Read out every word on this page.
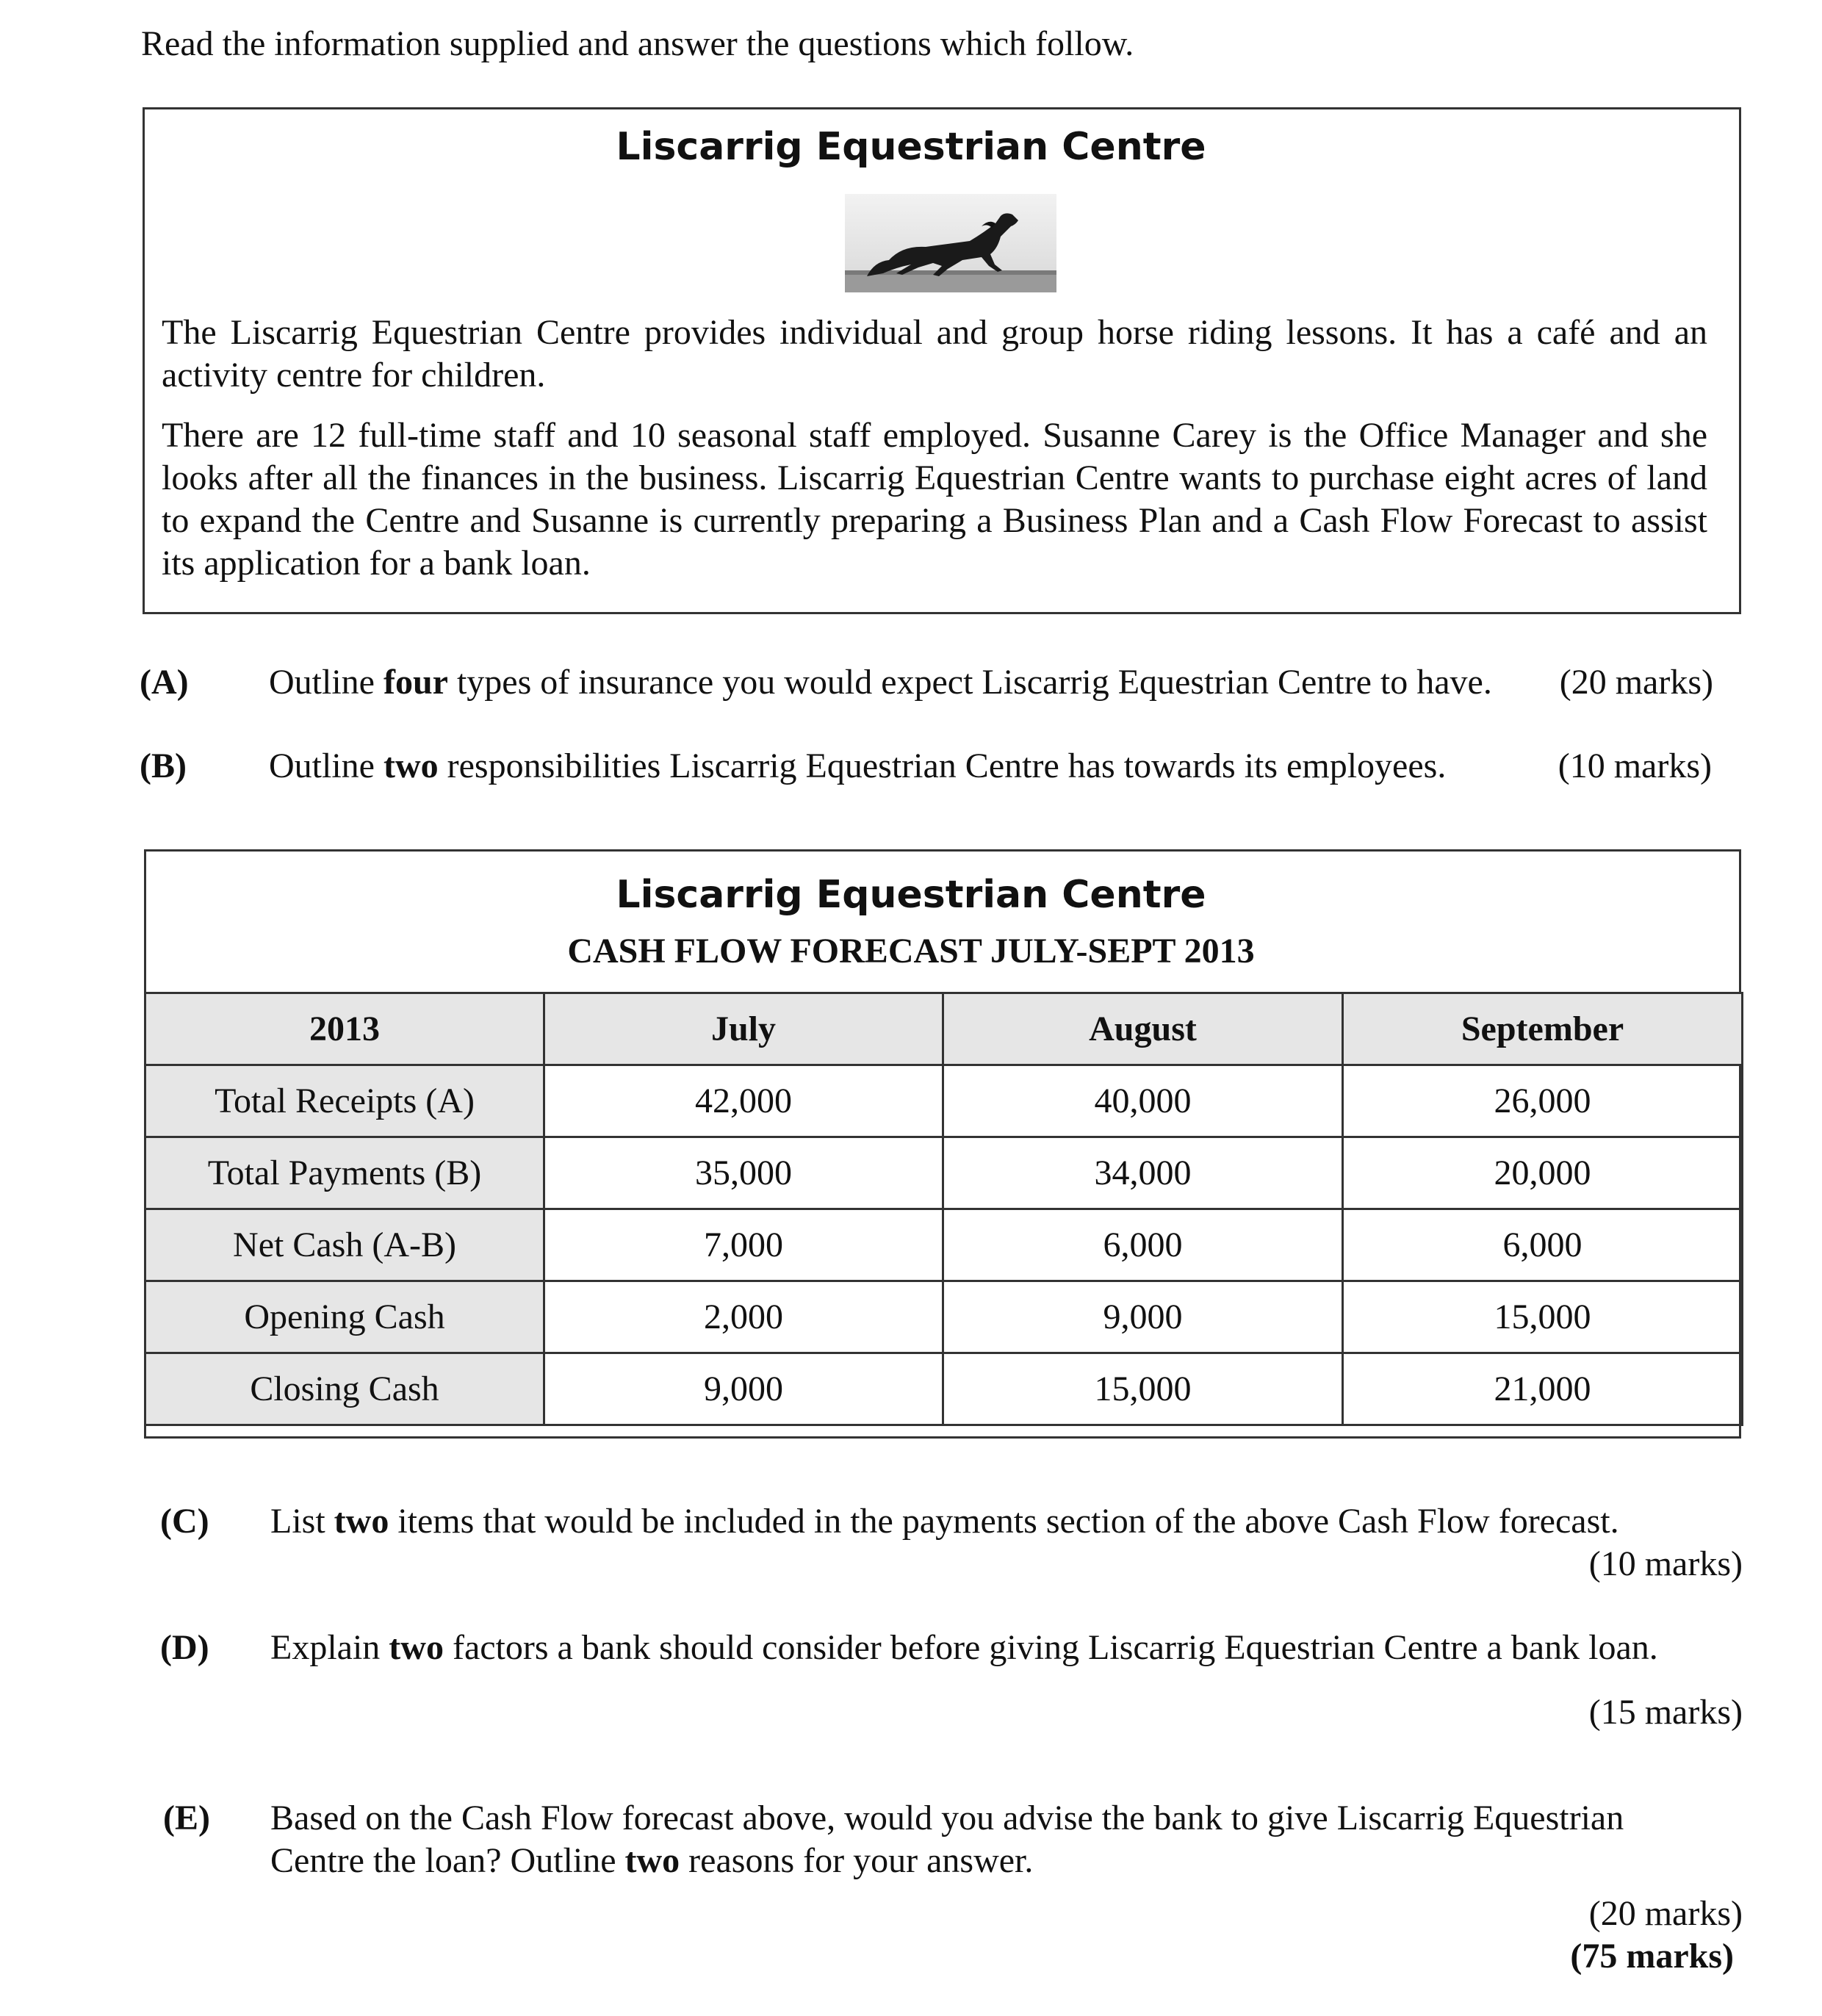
Read the information supplied and answer the questions which follow.

Liscarrig Equestrian Centre

The Liscarrig Equestrian Centre provides individual and group horse riding lessons. It has a café and an activity centre for children.

There are 12 full-time staff and 10 seasonal staff employed. Susanne Carey is the Office Manager and she looks after all the finances in the business. Liscarrig Equestrian Centre wants to purchase eight acres of land to expand the Centre and Susanne is currently preparing a Business Plan and a Cash Flow Forecast to assist its application for a bank loan.

(A) Outline four types of insurance you would expect Liscarrig Equestrian Centre to have. (20 marks)
(B) Outline two responsibilities Liscarrig Equestrian Centre has towards its employees.	(10 marks)
Liscarrig Equestrian Centre
CASH FLOW FORECAST JULY-SEPT 2013
2013	July	August	September
Total Receipts (A)	42,000	40,000	26,000
Total Payments (B)	35,000	34,000	20,000
Net Cash (A-B)	7,000	6,000	6,000
Opening Cash	2,000	9,000	15,000
Closing Cash	9,000	15,000	21,000
(C) List two items that would be included in the payments section of the above Cash Flow forecast.
(10 marks)
(D) Explain two factors a bank should consider before giving Liscarrig Equestrian Centre a bank loan.
(15 marks)
(E) Based on the Cash Flow forecast above, would you advise the bank to give Liscarrig Equestrian
Centre the loan? Outline two reasons for your answer.
(20 marks)
(75 marks)
